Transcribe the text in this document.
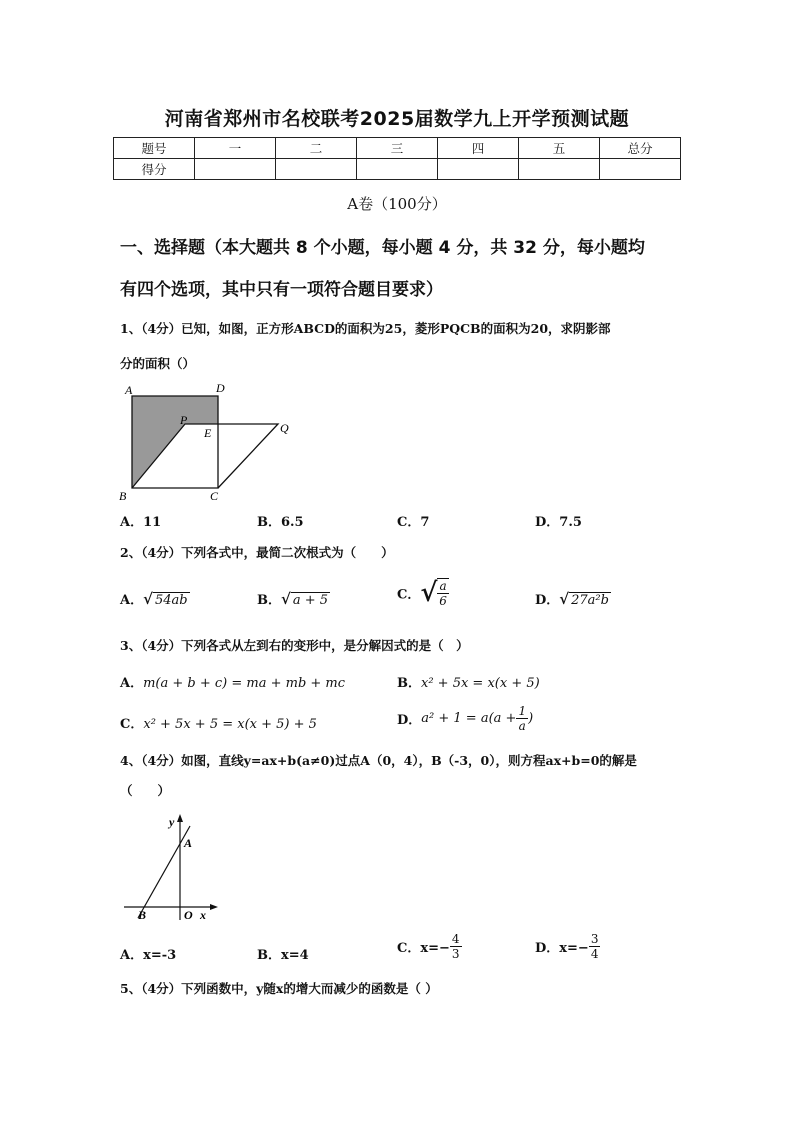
河南省郑州市名校联考2025届数学九上开学预测试题
题号	一	二	三	四	五	总分
得分						
A卷（100分）
一、选择题（本大题共 8 个小题，每小题 4 分，共 32 分，每小题均
有四个选项，其中只有一项符合题目要求）
1、（4分）已知，如图，正方形ABCD的面积为25，菱形PQCB的面积为20，求阴影部
分的面积（）
A	D
P
E	Q
B	C
A．11	B．6.5	C．7	D．7.5
2、（4分）下列各式中，最简二次根式为（　　）
A．√ 54ab	B．√ a + 5	C．√ $\frac{a}{6}$	D．√ 27a²b
3、（4分）下列各式从左到右的变形中，是分解因式的是（　）
A．m(a + b + c) = ma + mb + mc	B．x² + 5x = x(x + 5)
C．x² + 5x + 5 = x(x + 5) + 5	D．$a^2 + 1 = a(a + \frac{1}{a}$ )
4、（4分）如图，直线y=ax+b(a≠0)过点A（0，4），B（-3，0），则方程ax+b=0的解是
（　　）
y
A
B	O x
A．x=-3	B．x=4	C．$x=- \frac{4}{3}$	D．$x=- \frac{3}{4}$
5、（4分）下列函数中，y随x的增大而减少的函数是（ ）
